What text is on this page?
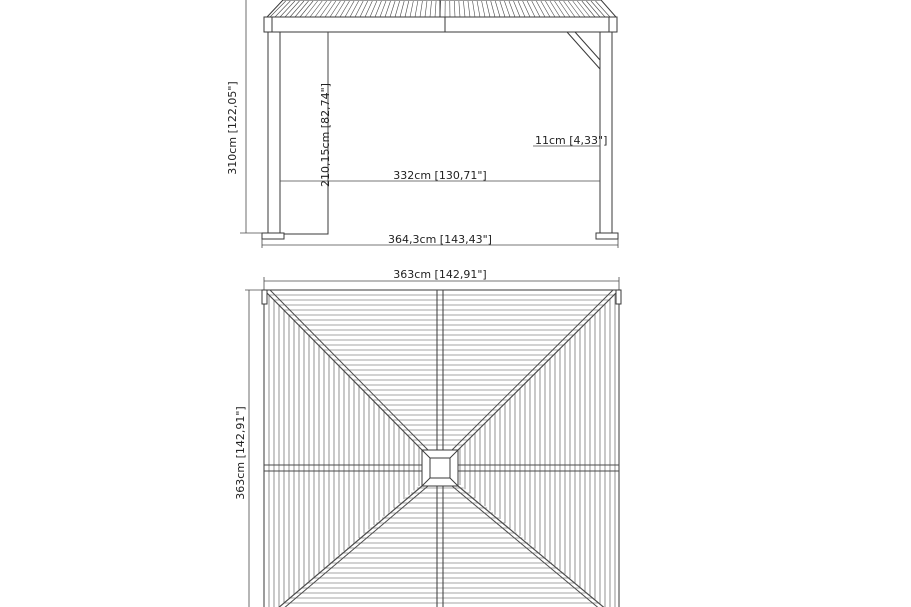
310cm [122,05"]	210,15cm [82,74"]	11cm [4,33"]
332cm [130,71"]
364,3cm [143,43"]
363cm [142,91"]
363cm [142,91"]
